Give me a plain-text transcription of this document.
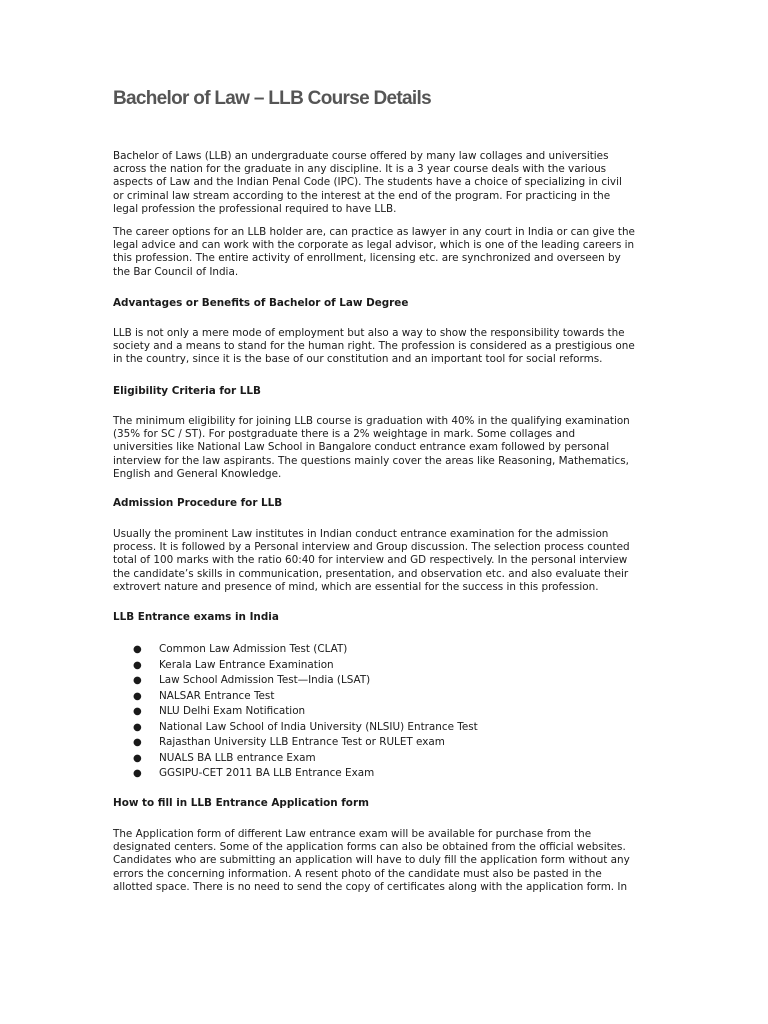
Bachelor of Law – LLB Course Details

Bachelor of Laws (LLB) an undergraduate course offered by many law collages and universities
across the nation for the graduate in any discipline. It is a 3 year course deals with the various
aspects of Law and the Indian Penal Code (IPC). The students have a choice of specializing in civil
or criminal law stream according to the interest at the end of the program. For practicing in the
legal profession the professional required to have LLB.

The career options for an LLB holder are, can practice as lawyer in any court in India or can give the
legal advice and can work with the corporate as legal advisor, which is one of the leading careers in
this profession. The entire activity of enrollment, licensing etc. are synchronized and overseen by
the Bar Council of India.

Advantages or Benefits of Bachelor of Law Degree

LLB is not only a mere mode of employment but also a way to show the responsibility towards the
society and a means to stand for the human right. The profession is considered as a prestigious one
in the country, since it is the base of our constitution and an important tool for social reforms.

Eligibility Criteria for LLB

The minimum eligibility for joining LLB course is graduation with 40% in the qualifying examination
(35% for SC / ST). For postgraduate there is a 2% weightage in mark. Some collages and
universities like National Law School in Bangalore conduct entrance exam followed by personal
interview for the law aspirants. The questions mainly cover the areas like Reasoning, Mathematics,
English and General Knowledge.

Admission Procedure for LLB

Usually the prominent Law institutes in Indian conduct entrance examination for the admission
process. It is followed by a Personal interview and Group discussion. The selection process counted
total of 100 marks with the ratio 60:40 for interview and GD respectively. In the personal interview
the candidate’s skills in communication, presentation, and observation etc. and also evaluate their
extrovert nature and presence of mind, which are essential for the success in this profession.

LLB Entrance exams in India
● Common Law Admission Test (CLAT)
● Kerala Law Entrance Examination
● Law School Admission Test—India (LSAT)
● NALSAR Entrance Test
● NLU Delhi Exam Notification
● National Law School of India University (NLSIU) Entrance Test
● Rajasthan University LLB Entrance Test or RULET exam
● NUALS BA LLB entrance Exam
● GGSIPU-CET 2011 BA LLB Entrance Exam
How to fill in LLB Entrance Application form

The Application form of different Law entrance exam will be available for purchase from the
designated centers. Some of the application forms can also be obtained from the official websites.
Candidates who are submitting an application will have to duly fill the application form without any
errors the concerning information. A resent photo of the candidate must also be pasted in the
allotted space. There is no need to send the copy of certificates along with the application form. In
